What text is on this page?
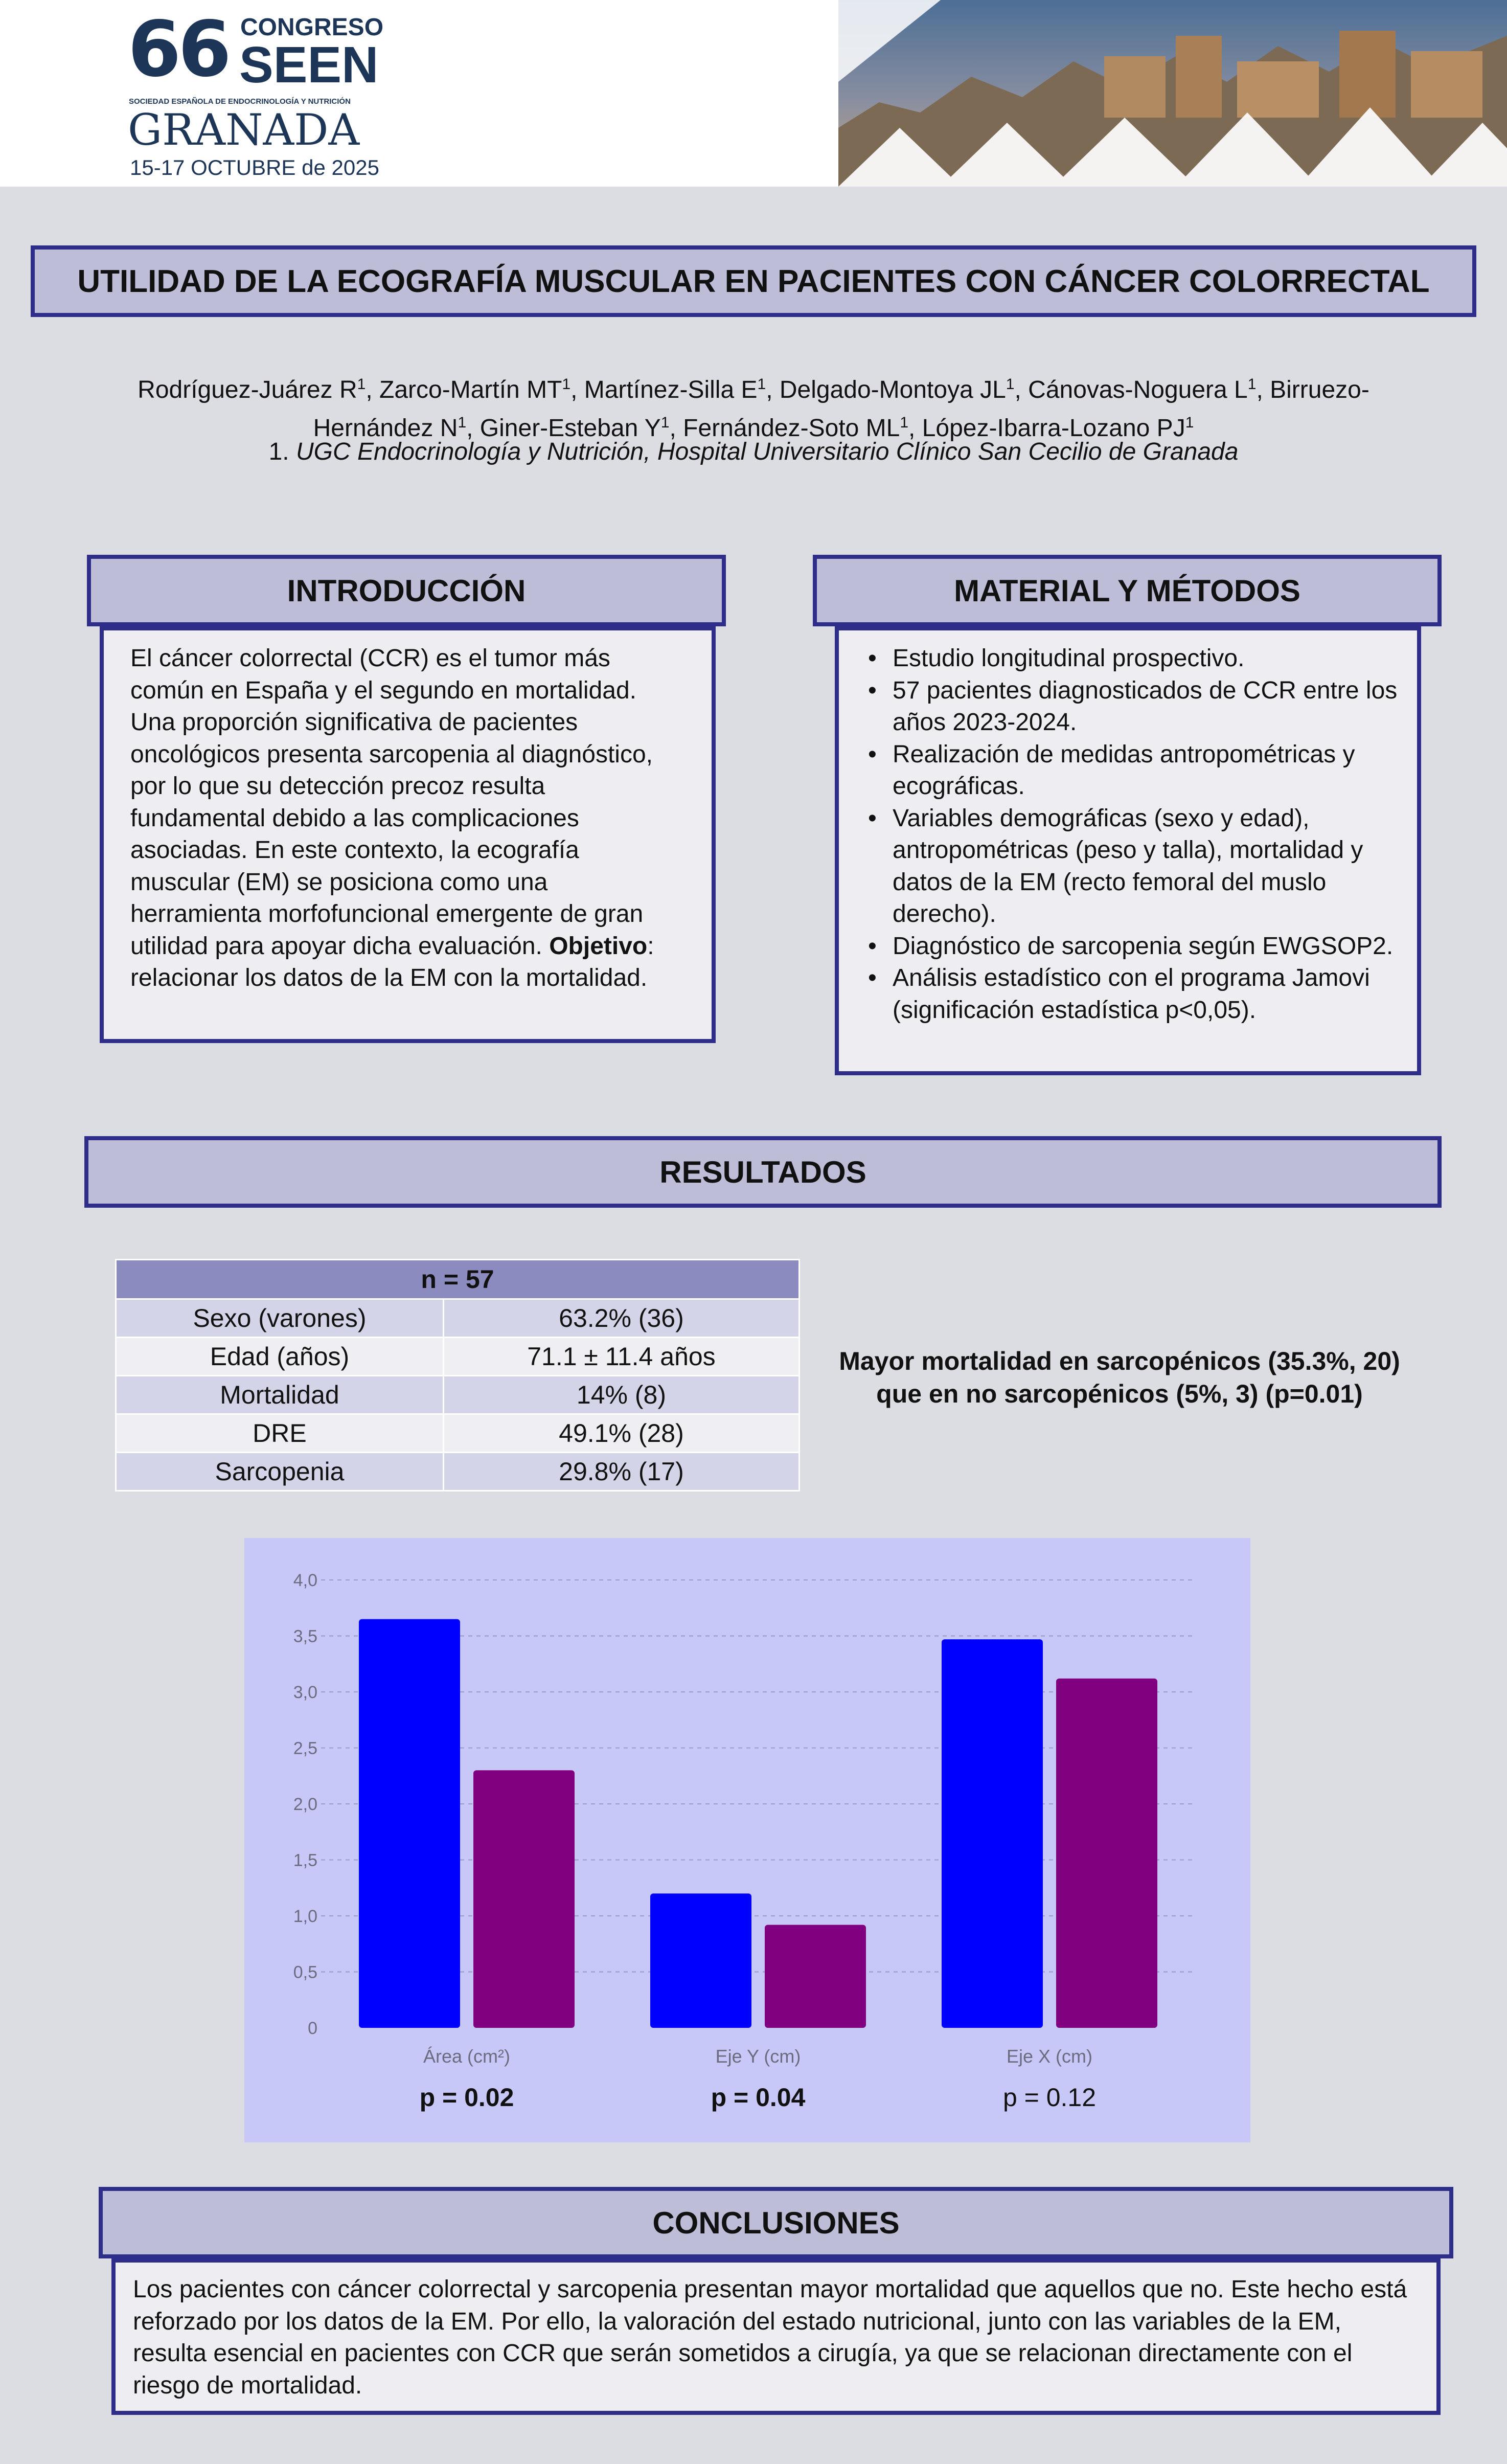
66 CONGRESO
SEEN
SOCIEDAD ESPAÑOLA DE ENDOCRINOLOGÍA Y NUTRICIÓN
GRANADA
15-17 OCTUBRE de 2025
UTILIDAD DE LA ECOGRAFÍA MUSCULAR EN PACIENTES CON CÁNCER COLORRECTAL
Rodríguez-Juárez $R^1$, Zarco-Martín $MT^1$, Martínez-Silla $E^1$, Delgado-Montoya $JL^1$, Cánovas-Noguera $L^1$, Birruezo-Hernández $N^1$, Giner-Esteban $Y^1$, Fernández-Soto $ML^1$, López-Ibarra-Lozano $PJ^1$
1. UGC Endocrinología y Nutrición, Hospital Universitario Clínico San Cecilio de Granada
INTRODUCCIÓN
El cáncer colorrectal (CCR) es el tumor más común en España y el segundo en mortalidad. Una proporción significativa de pacientes oncológicos presenta sarcopenia al diagnóstico, por lo que su detección precoz resulta fundamental debido a las complicaciones asociadas. En este contexto, la ecografía muscular (EM) se posiciona como una herramienta morfofuncional emergente de gran utilidad para apoyar dicha evaluación. Objetivo: relacionar los datos de la EM con la mortalidad.
MATERIAL Y MÉTODOS
• Estudio longitudinal prospectivo.
• 57 pacientes diagnosticados de CCR entre los años 2023-2024.
• Realización de medidas antropométricas y ecográficas.
• Variables demográficas (sexo y edad), antropométricas (peso y talla), mortalidad y datos de la EM (recto femoral del muslo derecho).
• Diagnóstico de sarcopenia según EWGSOP2.
• Análisis estadístico con el programa Jamovi (significación estadística p<0,05).
RESULTADOS
n = 57	
Sexo (varones)	63.2% (36)
Edad (años)	71.1 ± 11.4 años
Mortalidad	14% (8)
DRE	49.1% (28)
Sarcopenia	29.8% (17)
Mayor mortalidad en sarcopénicos (35.3%, 20) que en no sarcopénicos (5%, 3) (p=0.01)
0
0,5
1,0
1,5
2,0
2,5
3,0
3,5
4,0
Área (cm²)	Eje Y (cm)	Eje X (cm)
p = 0.02	p = 0.04	p = 0.12
CONCLUSIONES
Los pacientes con cáncer colorrectal y sarcopenia presentan mayor mortalidad que aquellos que no. Este hecho está reforzado por los datos de la EM. Por ello, la valoración del estado nutricional, junto con las variables de la EM, resulta esencial en pacientes con CCR que serán sometidos a cirugía, ya que se relacionan directamente con el riesgo de mortalidad.
